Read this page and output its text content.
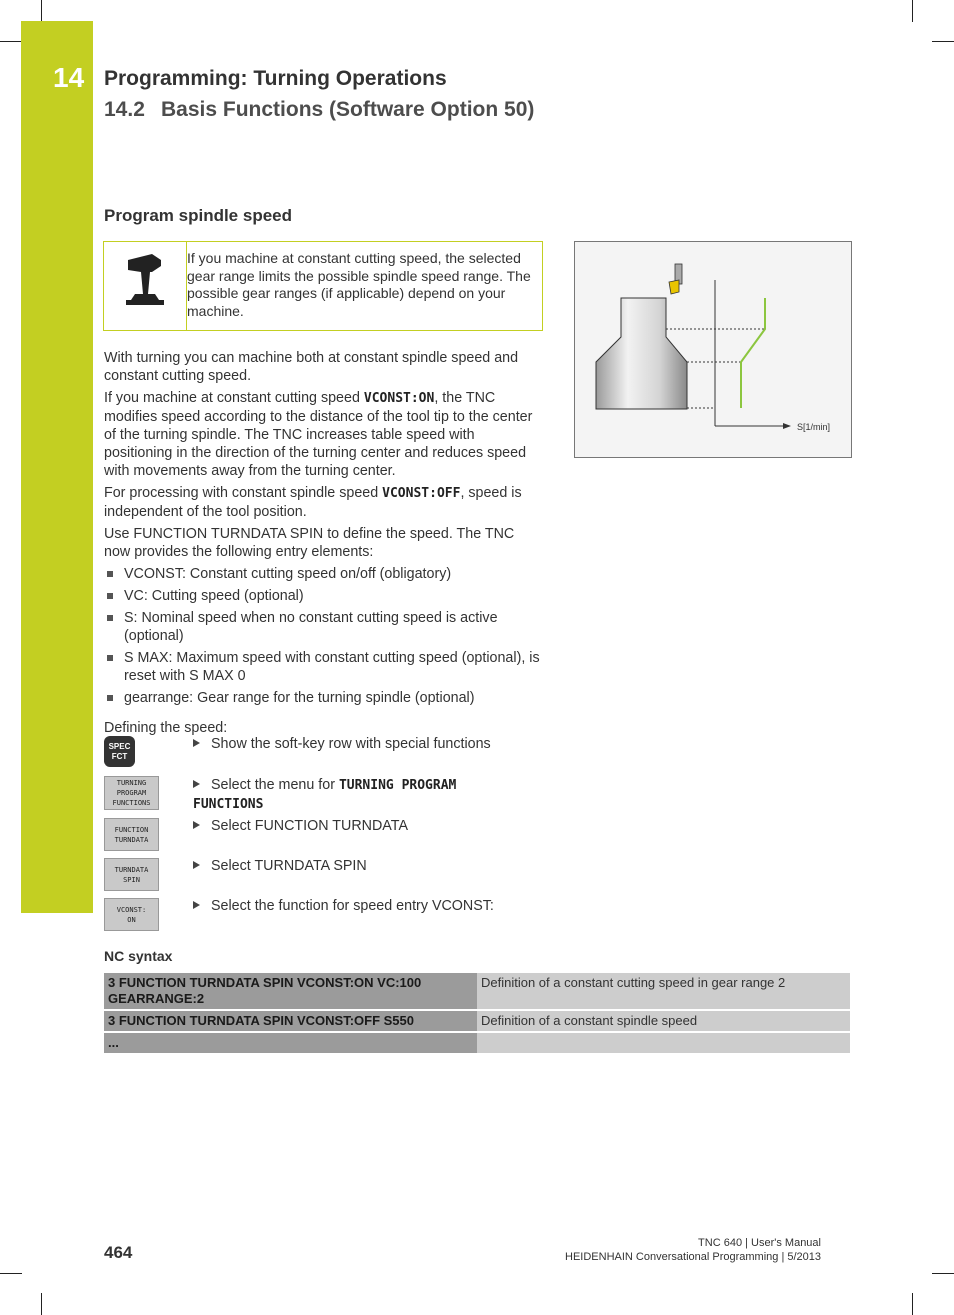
14 Programming: Turning Operations
14.2 Basis Functions (Software Option 50)
Program spindle speed
If you machine at constant cutting speed, the selected gear range limits the possible spindle speed range. The possible gear ranges (if applicable) depend on your machine.
S[1/min]

With turning you can machine both at constant spindle speed and constant cutting speed.

If you machine at constant cutting speed VCONST:ON, the TNC modifies speed according to the distance of the tool tip to the center of the turning spindle. The TNC increases table speed with positioning in the direction of the turning center and reduces speed with movements away from the turning center.

For processing with constant spindle speed VCONST:OFF, speed is independent of the tool position.

Use FUNCTION TURNDATA SPIN to define the speed. The TNC now provides the following entry elements:

VCONST: Constant cutting speed on/off (obligatory)
VC: Cutting speed (optional)
S: Nominal speed when no constant cutting speed is active (optional)
S MAX: Maximum speed with constant cutting speed (optional), is reset with S MAX 0
gearrange: Gear range for the turning spindle (optional)

Defining the speed:

SPEC
FCT
Show the soft-key row with special functions
TURNING
PROGRAM
FUNCTIONS
Select the menu for TURNING PROGRAM FUNCTIONS
FUNCTION
TURNDATA
Select FUNCTION TURNDATA
TURNDATA
SPIN
Select TURNDATA SPIN
VCONST:
ON
Select the function for speed entry VCONST:
NC syntax
3 FUNCTION TURNDATA SPIN VCONST:ON VC:100 GEARRANGE:2	Definition of a constant cutting speed in gear range 2
3 FUNCTION TURNDATA SPIN VCONST:OFF S550	Definition of a constant spindle speed
...	
464	TNC 640 | User's Manual
HEIDENHAIN Conversational Programming | 5/2013
